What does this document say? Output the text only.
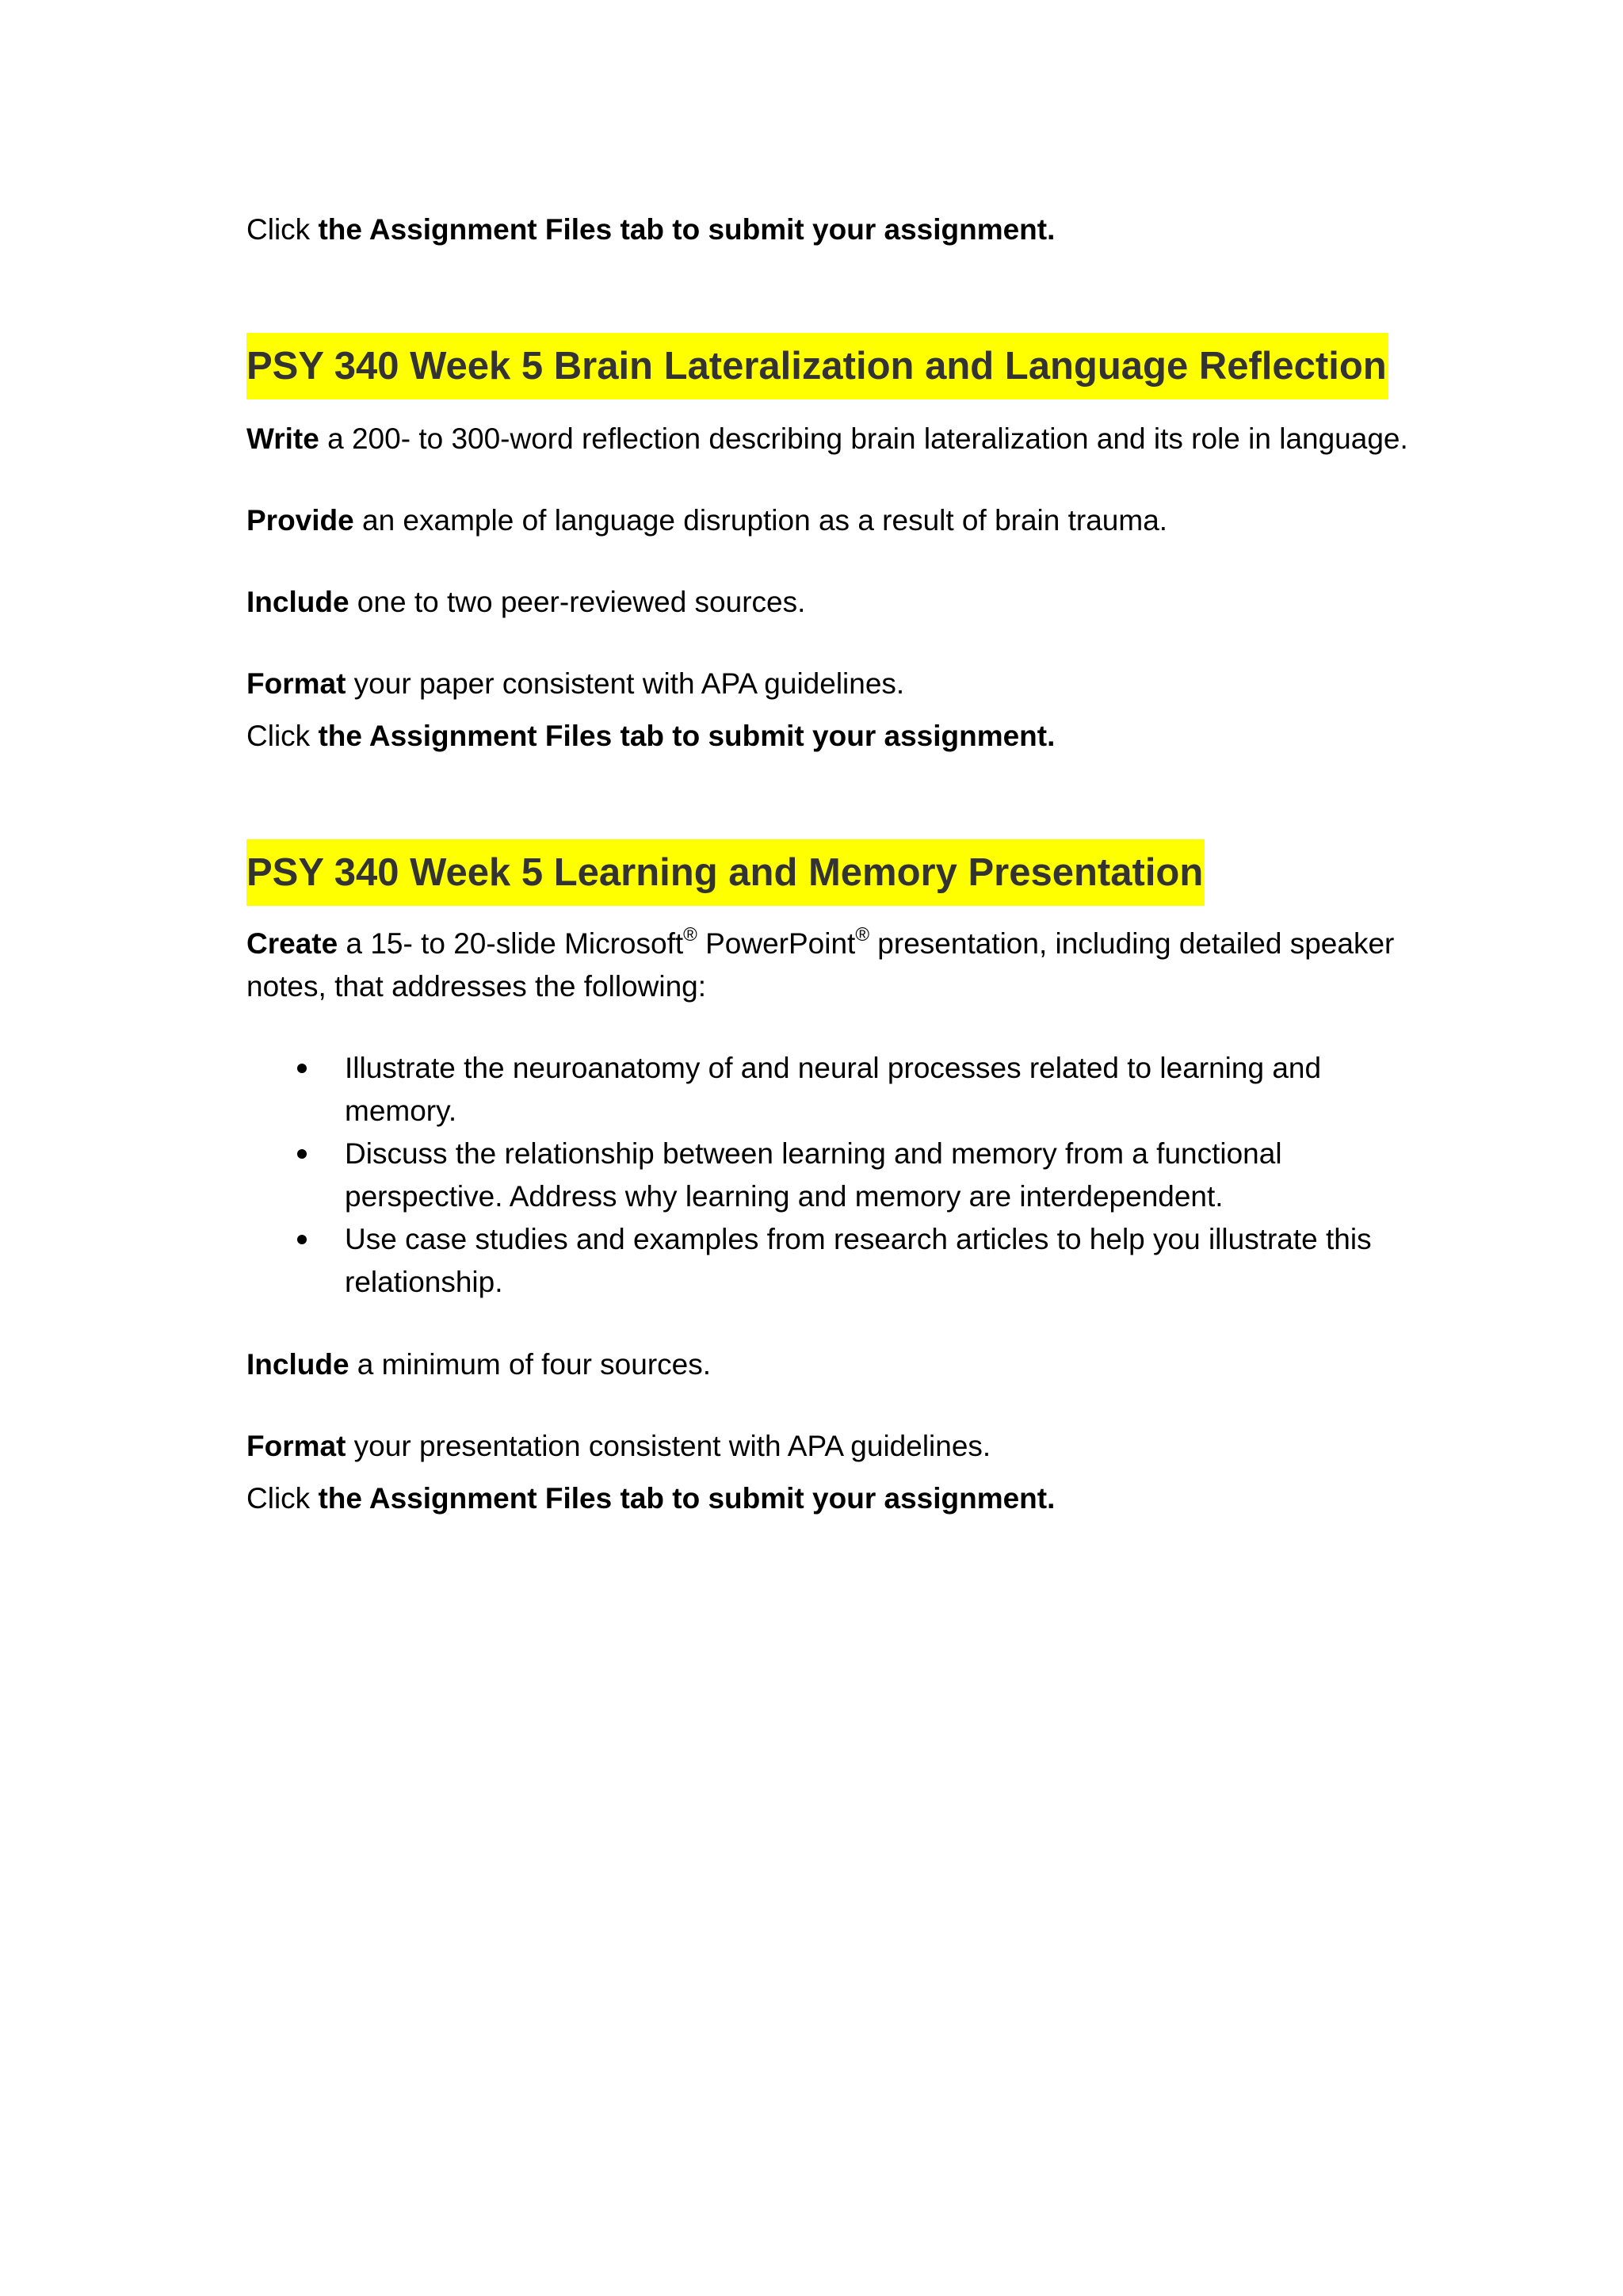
Click the Assignment Files tab to submit your assignment.

PSY 340 Week 5 Brain Lateralization and Language Reflection

Write a 200- to 300-word reflection describing brain lateralization and its role in language.

Provide an example of language disruption as a result of brain trauma.

Include one to two peer-reviewed sources.

Format your paper consistent with APA guidelines.

Click the Assignment Files tab to submit your assignment.

PSY 340 Week 5 Learning and Memory Presentation

Create a 15- to 20-slide Microsoft® PowerPoint® presentation, including detailed speaker notes, that addresses the following:

Illustrate the neuroanatomy of and neural processes related to learning and memory.
Discuss the relationship between learning and memory from a functional perspective. Address why learning and memory are interdependent.
Use case studies and examples from research articles to help you illustrate this relationship.

Include a minimum of four sources.

Format your presentation consistent with APA guidelines.

Click the Assignment Files tab to submit your assignment.
